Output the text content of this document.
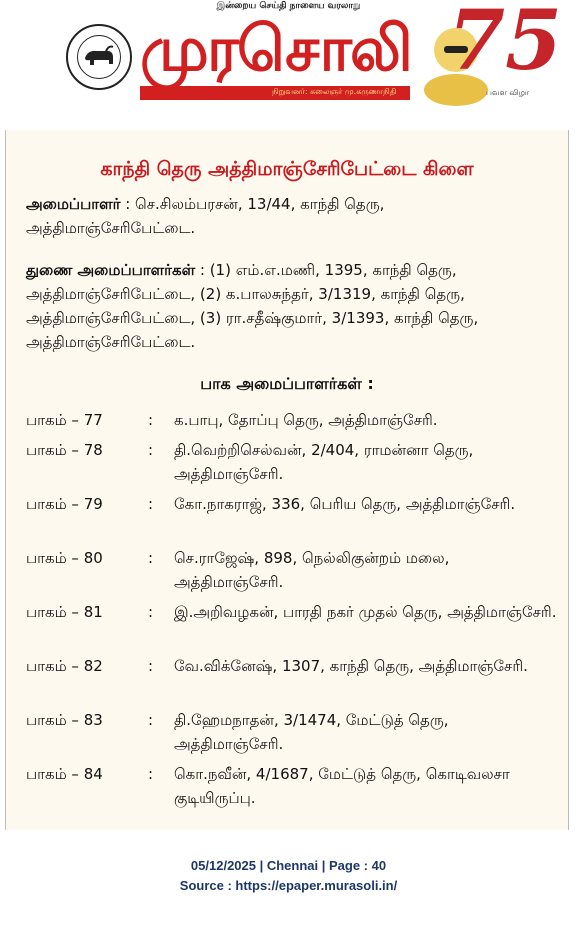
இன்றைய செய்தி நாளைய வரலாறு
முரசொலி
நிறுவனர்: கலைஞர் மு.கருணாநிதி
75
பவள விழா
காந்தி தெரு அத்திமாஞ்சேரிபேட்டை கிளை
அமைப்பாளர் : செ.சிலம்பரசன், 13/44, காந்தி தெரு, அத்திமாஞ்சேரிபேட்டை.
துணை அமைப்பாளர்கள் : (1) எம்.எ.மணி, 1395, காந்தி தெரு, அத்திமாஞ்சேரிபேட்டை, (2) க.பாலசுந்தர், 3/1319, காந்தி தெரு, அத்திமாஞ்சேரிபேட்டை, (3) ரா.சதீஷ்குமார், 3/1393, காந்தி தெரு, அத்திமாஞ்சேரிபேட்டை.
பாக அமைப்பாளர்கள் :
பாகம் – 77	: க.பாபு, தோப்பு தெரு, அத்திமாஞ்சேரி.
பாகம் – 78	: தி.வெற்றிசெல்வன், 2/404, ராமன்னா தெரு, அத்திமாஞ்சேரி.
பாகம் – 79	: கோ.நாகராஜ், 336, பெரிய தெரு, அத்திமாஞ்சேரி.
பாகம் – 80	: செ.ராஜேஷ், 898, நெல்லிகுன்றம் மலை, அத்திமாஞ்சேரி.
பாகம் – 81	: இ.அறிவழகன், பாரதி நகர் முதல் தெரு, அத்திமாஞ்சேரி.
பாகம் – 82	: வே.விக்னேஷ், 1307, காந்தி தெரு, அத்திமாஞ்சேரி.
பாகம் – 83	: தி.ஹேமநாதன், 3/1474, மேட்டுத் தெரு, அத்திமாஞ்சேரி.
பாகம் – 84	: கொ.நவீன், 4/1687, மேட்டுத் தெரு, கொடிவலசா குடியிருப்பு.
05/12/2025 | Chennai | Page : 40
Source : https://epaper.murasoli.in/
